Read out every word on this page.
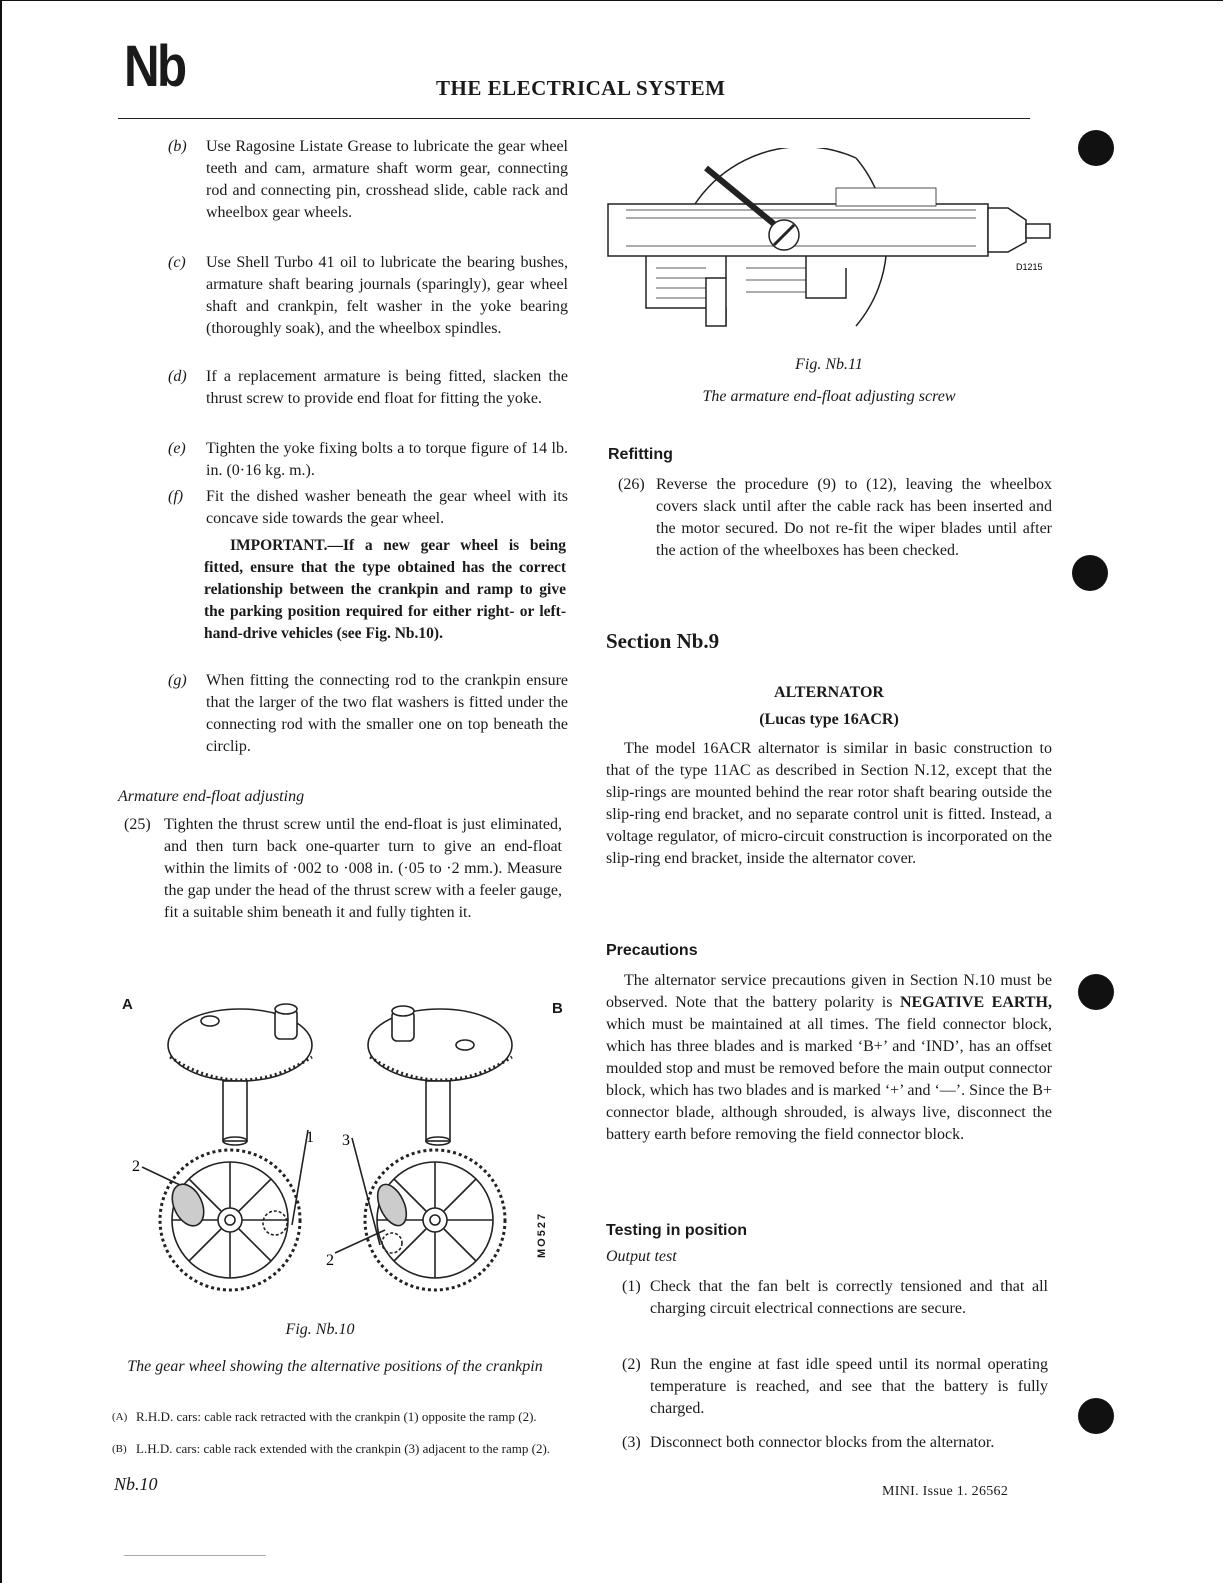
Nb	THE ELECTRICAL SYSTEM
(b) Use Ragosine Listate Grease to lubricate the gear wheel teeth and cam, armature shaft worm gear, connecting rod and connecting pin, crosshead slide, cable rack and wheelbox gear wheels.
(c) Use Shell Turbo 41 oil to lubricate the bearing bushes, armature shaft bearing journals (sparingly), gear wheel shaft and crankpin, felt washer in the yoke bearing (thoroughly soak), and the wheelbox spindles.
(d) If a replacement armature is being fitted, slacken the thrust screw to provide end float for fitting the yoke.
(e) Tighten the yoke fixing bolts a to torque figure of 14 lb. in. (0·16 kg. m.).
(f) Fit the dished washer beneath the gear wheel with its concave side towards the gear wheel.
IMPORTANT.—If a new gear wheel is being fitted, ensure that the type obtained has the correct relationship between the crankpin and ramp to give the parking position required for either right- or left-hand-drive vehicles (see Fig. Nb.10).
(g) When fitting the connecting rod to the crankpin ensure that the larger of the two flat washers is fitted under the connecting rod with the smaller one on top beneath the circlip.
Armature end-float adjusting
(25) Tighten the thrust screw until the end-float is just eliminated, and then turn back one-quarter turn to give an end-float within the limits of ·002 to ·008 in. (·05 to ·2 mm.). Measure the gap under the head of the thrust screw with a feeler gauge, fit a suitable shim beneath it and fully tighten it.
A	B
2
1 3
2
MO527
Fig. Nb.10
The gear wheel showing the alternative positions of the crankpin
(A) R.H.D. cars: cable rack retracted with the crankpin (1) opposite the ramp (2).
(B) L.H.D. cars: cable rack extended with the crankpin (3) adjacent to the ramp (2).
D1215
Fig. Nb.11
The armature end-float adjusting screw
Refitting
(26) Reverse the procedure (9) to (12), leaving the wheelbox covers slack until after the cable rack has been inserted and the motor secured. Do not re-fit the wiper blades until after the action of the wheelboxes has been checked.
Section Nb.9
ALTERNATOR
(Lucas type 16ACR)
The model 16ACR alternator is similar in basic construction to that of the type 11AC as described in Section N.12, except that the slip-rings are mounted behind the rear rotor shaft bearing outside the slip-ring end bracket, and no separate control unit is fitted. Instead, a voltage regulator, of micro-circuit construction is incorporated on the slip-ring end bracket, inside the alternator cover.
Precautions
The alternator service precautions given in Section N.10 must be observed. Note that the battery polarity is NEGATIVE EARTH, which must be maintained at all times. The field connector block, which has three blades and is marked ‘B+’ and ‘IND’, has an offset moulded stop and must be removed before the main output connector block, which has two blades and is marked ‘+’ and ‘—’. Since the B+ connector blade, although shrouded, is always live, disconnect the battery earth before removing the field connector block.
Testing in position
Output test
(1) Check that the fan belt is correctly tensioned and that all charging circuit electrical connections are secure.
(2) Run the engine at fast idle speed until its normal operating temperature is reached, and see that the battery is fully charged.
(3) Disconnect both connector blocks from the alternator.
Nb.10	MINI. Issue 1. 26562
